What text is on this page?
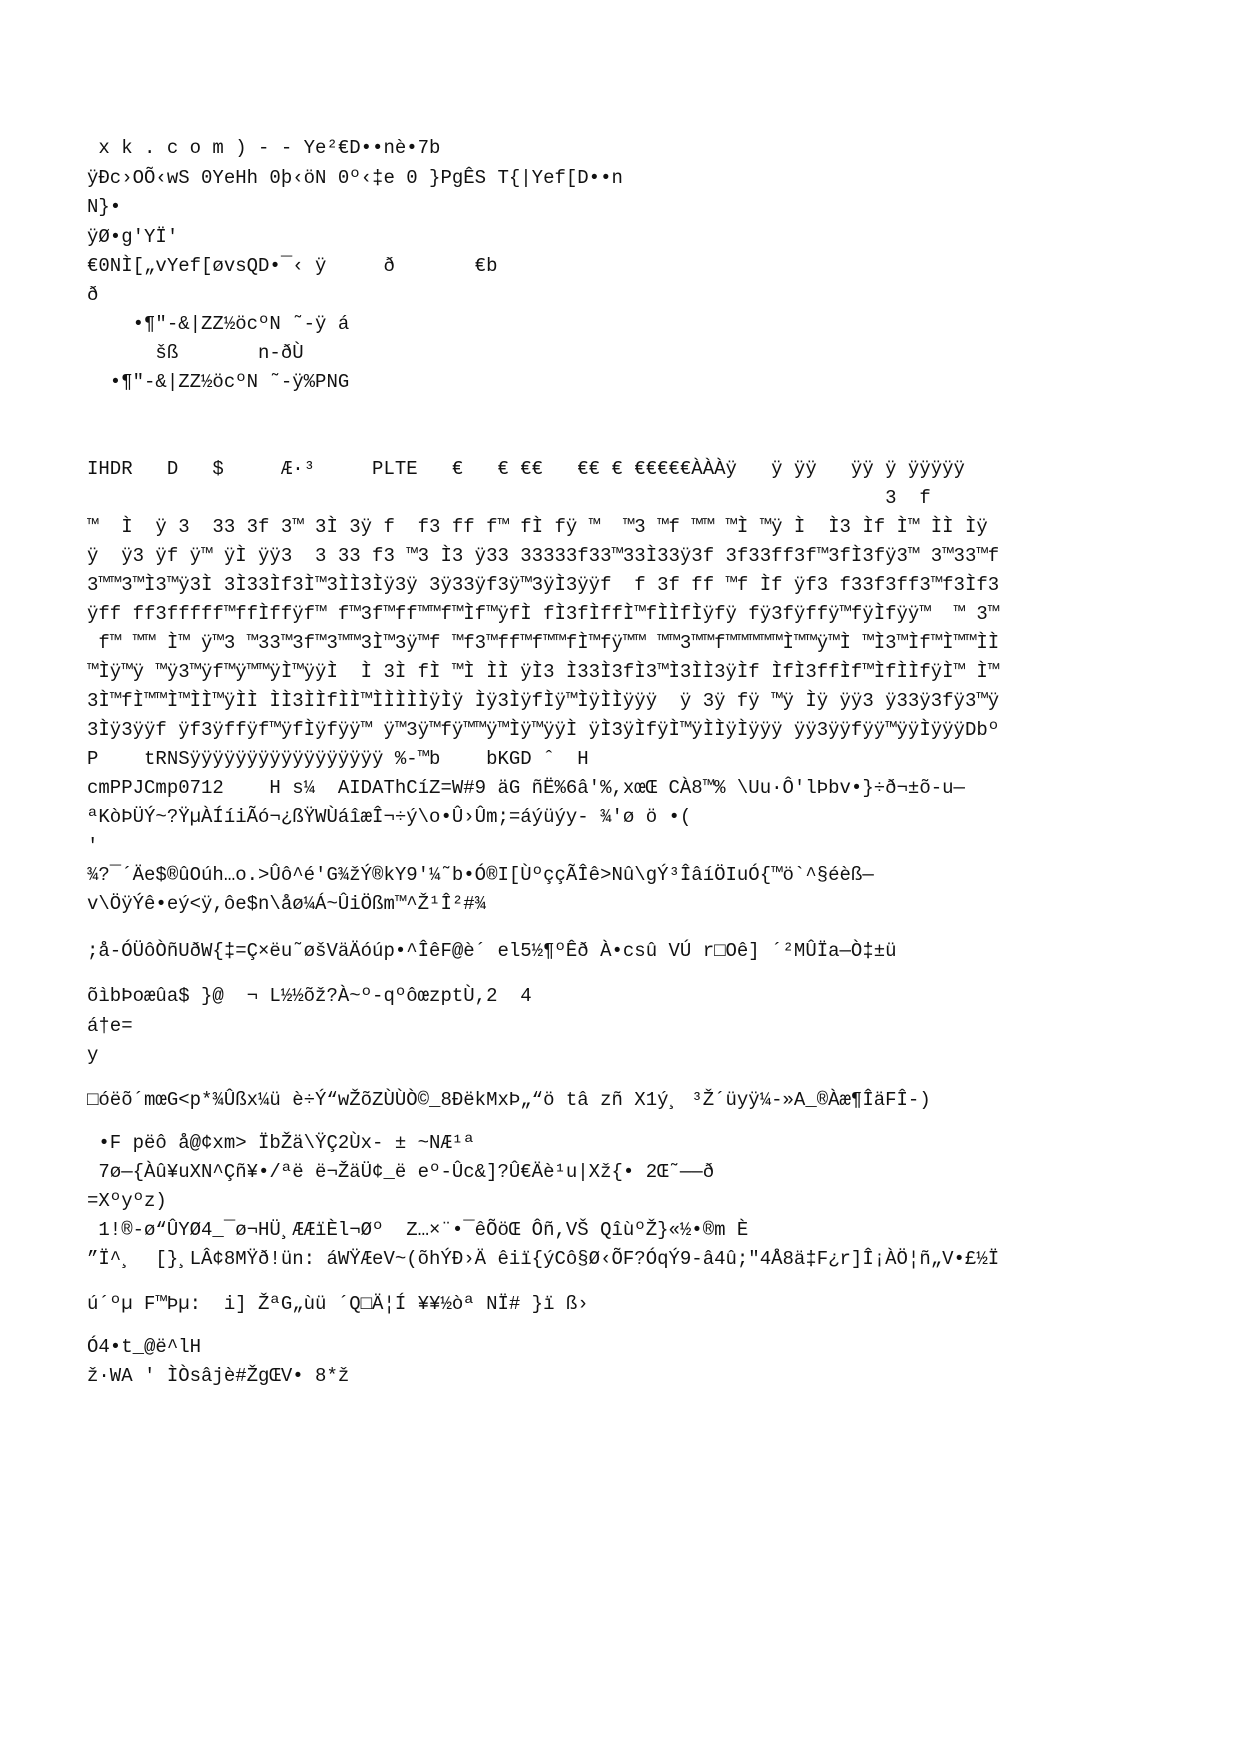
x k . c o m ) - - Ye²€D••nè•7b
ÿÐc›OÕ‹wS 0YeHh 0þ‹öN 0º‹‡e 0 }PgÊS T{|Yef[D••n
N}•
ÿØ•g'YÏ'
€0NÌ[„vYef[øvsQD•¯‹ ÿ     ð       €b
ð
•¶"-&|ZZ½öcºN ˜-ÿ á
šß       n-ðÙ
•¶"-&|ZZ½öcºN ˜-ÿ%PNG
IHDR   D   $     Æ·³     PLTE   €   € €€   €€ € €€€€€ÀÀÀÿ   ÿ ÿÿ   ÿÿ ÿ ÿÿÿÿÿ
3  f
™  Ì  ÿ 3  33 3f 3™ 3Ì 3ÿ f  f3 ff f™ fÌ fÿ ™  ™3 ™f ™™ ™Ì ™ÿ Ì  Ì3 Ìf Ì™ ÌÌ Ìÿ
ÿ  ÿ3 ÿf ÿ™ ÿÌ ÿÿ3  3 33 f3 ™3 Ì3 ÿ33 33333f33™33Ì33ÿ3f 3f33ff3f™3fÌ3fÿ3™ 3™33™f
3™™3™Ì3™ÿ3Ì 3Ì33Ìf3Ì™3ÌÌ3Ìÿ3ÿ 3ÿ33ÿf3ÿ™3ÿÌ3ÿÿf  f 3f ff ™f Ìf ÿf3 f33f3ff3™f3Ìf3
ÿff ff3fffff™ffÌffÿf™ f™3f™ff™™f™Ìf™ÿfÌ fÌ3fÌffÌ™fÌÌfÌÿfÿ fÿ3fÿffÿ™fÿÌfÿÿ™  ™ 3™
f™ ™™ Ì™ ÿ™3 ™33™3f™3™™3Ì™3ÿ™f ™f3™ff™f™™fÌ™fÿ™™ ™™3™™f™™™™™Ì™™ÿ™Ì ™Ì3™Ìf™Ì™™ÌÌ
™Ìÿ™ÿ ™ÿ3™ÿf™ÿ™™ÿÌ™ÿÿÌ  Ì 3Ì fÌ ™Ì ÌÌ ÿÌ3 Ì33Ì3fÌ3™Ì3ÌÌ3ÿÌf ÌfÌ3ffÌf™ÌfÌÌfÿÌ™ Ì™
3Ì™fÌ™™Ì™ÌÌ™ÿÌÌ ÌÌ3ÌÌfÌÌ™ÌÌÌÌÌÿÌÿ Ìÿ3ÌÿfÌÿ™ÌÿÌÌÿÿÿ  ÿ 3ÿ fÿ ™ÿ Ìÿ ÿÿ3 ÿ33ÿ3fÿ3™ÿ
3Ìÿ3ÿÿf ÿf3ÿffÿf™ÿfÌÿfÿÿ™ ÿ™3ÿ™fÿ™™ÿ™Ìÿ™ÿÿÌ ÿÌ3ÿÌfÿÌ™ÿÌÌÿÌÿÿÿ ÿÿ3ÿÿfÿÿ™ÿÿÌÿÿÿDbº
P    tRNSÿÿÿÿÿÿÿÿÿÿÿÿÿÿÿÿÿ %-™b    bKGD ˆ  H
cmPPJCmp0712    H s¼  AIDAThCíZ=W#9 äG ñË%6â'%,xœŒ CÀ8™% \Uu·Ô'lÞbv•}÷ð¬±õ-u—
ªKòÞÜÝ~?ŸµÀÍíiÃó¬¿ßŸWÙáîæÎ¬÷ý\o•Û›Ûm;=áýüýy- ¾'ø ö •(
'
¾?¯´Äe$®ûOúh…o.>Ûô^é'G¾žÝ®kY9'¼˜b•Ó®I[ÙºççÃÎê>Nû\gÝ³ÎâíÖIuÓ{™ö`^§éèß—
v\ÖÿÝê•eý<ÿ,ôe$n\åø¼Á~ÛiÖßm™^Ž¹Î²#¾
;å-ÓÜôÒñUðW{‡=Ç×ëu˜øšVäÄóúp•^ÎêF@è´ el5½¶ºÊð À•csû VÚ r□Oê] ´²MÛÏa—Ò‡±ü
õìbÞoæûa$ }@  ¬ L½½õž?À~º-qºôœzptÙ,2  4
á†e=
y
□óëõ´mœG<p*¾Ûßx¼ü è÷Ý“wŽõZÙÙÒ©_8ÐëkMxÞ„“ö tâ zñ X1ý¸ ³Ž´üyÿ¼-»A_®Àæ¶ÎäFÎ-)
•F pëô å@¢xm> ÏbŽä\ŸÇ2Ùx- ± ~NÆ¹ª
7ø—{Àû¥uXN^Çñ¥•/ªë ë¬ŽäÜ¢_ë eº-Ûc&]?Û€Äè¹u|Xž{• 2Œ˜——ð
=Xºyºz)
1!®-ø“ÛYØ4_¯ø¬HÜ¸ÆÆïÈl¬Øº  Z…×¨•¯êÕöŒ Ôñ,VŠ QîùºŽ}«½•®m È
”Ï^¸  [}¸LÂ¢8MŸð!ün: áWŸÆeV~(õhÝÐ›Ä êiï{ýCô§Ø‹ÕF?ÓqÝ9-â4û;"4Å8ä‡F¿r]Î¡ÀÖ¦ñ„V•£½Ï
ú´ºµ F™Þµ:  i] ŽªG„ùü ´Q□Ä¦Í ¥¥½òª NÏ# }ï ß›
Ó4•t_@ë^lH
ž·WA ' ÌÒsâjè#ŽgŒV• 8*ž
